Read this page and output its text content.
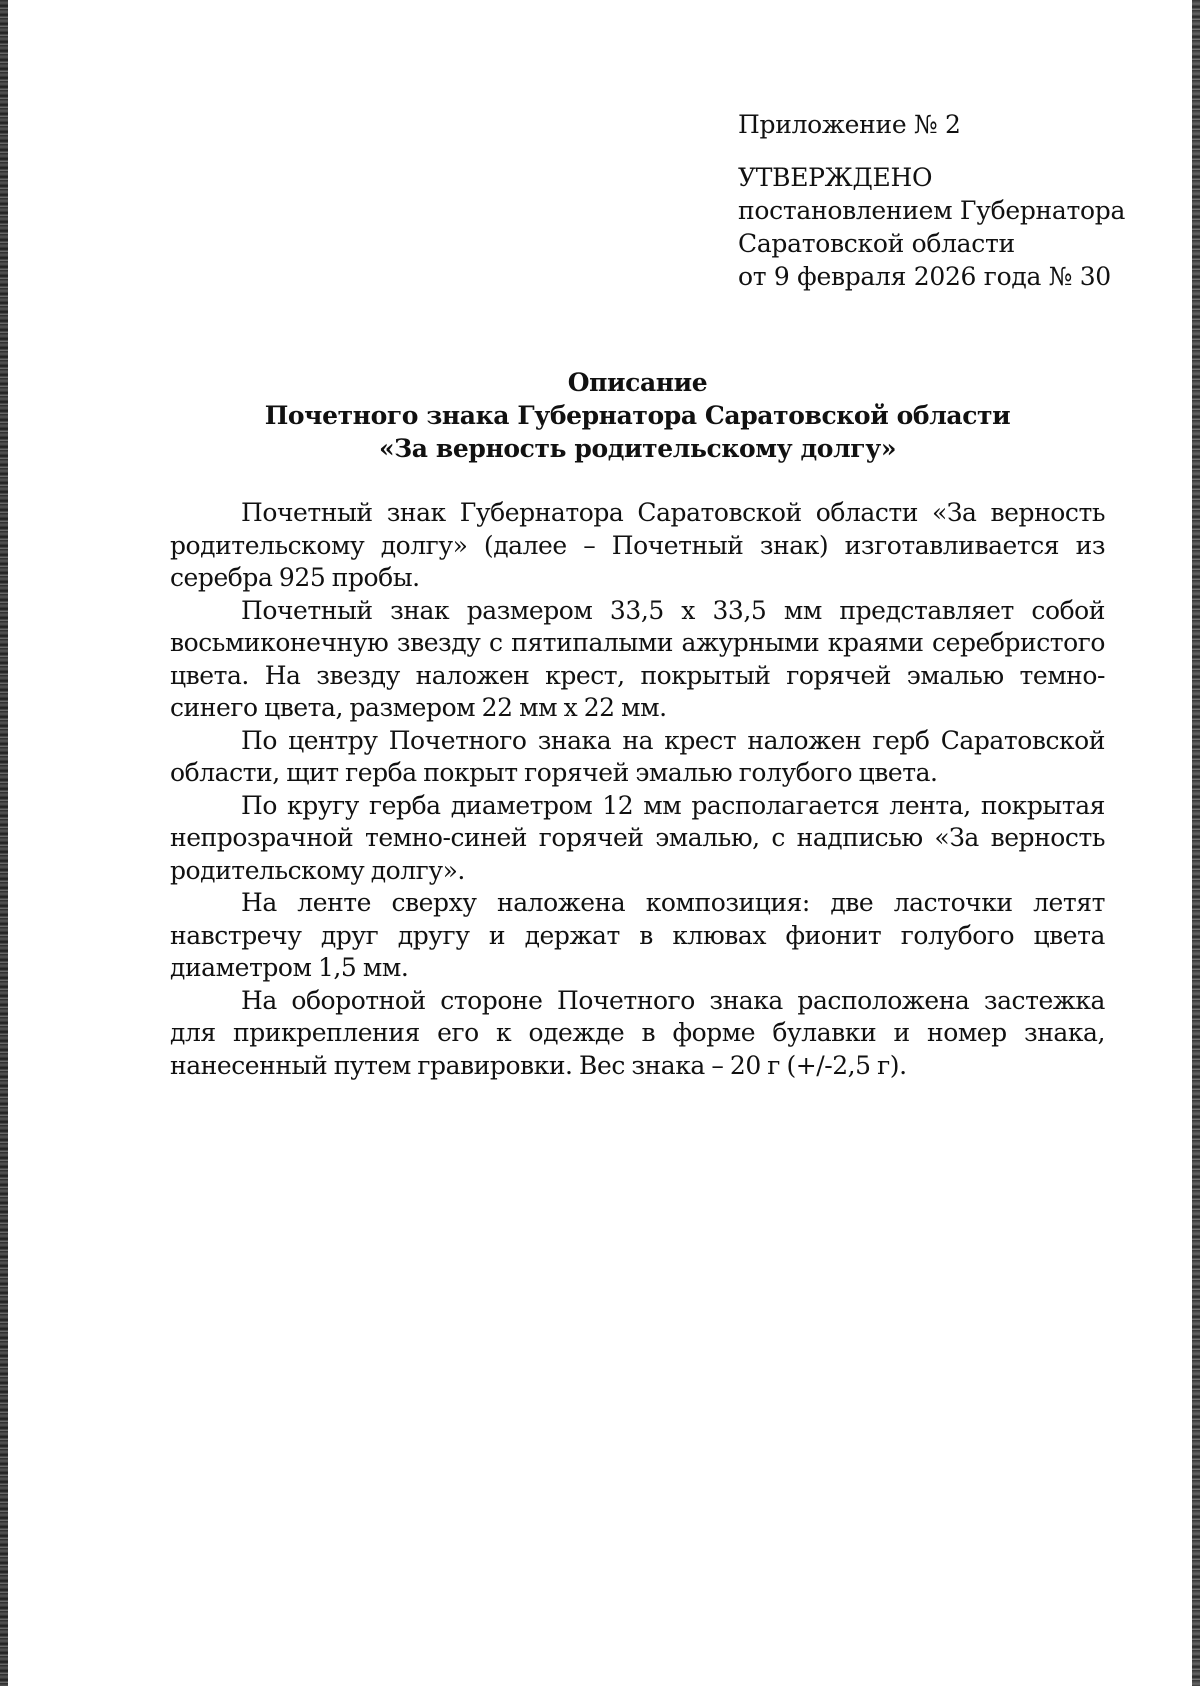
Приложение № 2
УТВЕРЖДЕНО
постановлением Губернатора
Саратовской области
от 9 февраля 2026 года № 30
Описание
Почетного знака Губернатора Саратовской области
«За верность родительскому долгу»

Почетный знак Губернатора Саратовской области «За верность родительскому долгу» (далее – Почетный знак) изготавливается из серебра 925 пробы.

Почетный знак размером 33,5 х 33,5 мм представляет собой восьмиконечную звезду с пятипалыми ажурными краями серебристого цвета. На звезду наложен крест, покрытый горячей эмалью темно-синего цвета, размером 22 мм х 22 мм.

По центру Почетного знака на крест наложен герб Саратовской области, щит герба покрыт горячей эмалью голубого цвета.

По кругу герба диаметром 12 мм располагается лента, покрытая непрозрачной темно-синей горячей эмалью, с надписью «За верность родительскому долгу».

На ленте сверху наложена композиция: две ласточки летят навстречу друг другу и держат в клювах фионит голубого цвета диаметром 1,5 мм.

На оборотной стороне Почетного знака расположена застежка для прикрепления его к одежде в форме булавки и номер знака, нанесенный путем гравировки. Вес знака – 20 г (+/-2,5 г).
